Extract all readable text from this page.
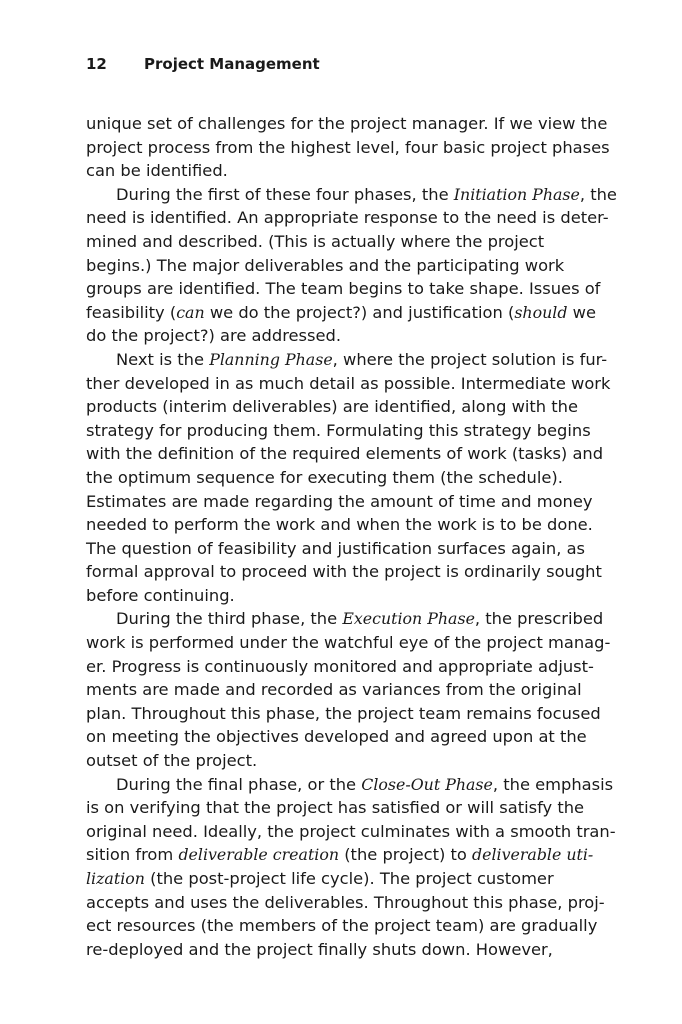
12 Project Management
unique set of challenges for the project manager. If we view the
project process from the highest level, four basic project phases
can be identified.
During the first of these four phases, the Initiation Phase, the
need is identified. An appropriate response to the need is deter-
mined and described. (This is actually where the project
begins.) The major deliverables and the participating work
groups are identified. The team begins to take shape. Issues of
feasibility (can we do the project?) and justification (should we
do the project?) are addressed.
Next is the Planning Phase, where the project solution is fur-
ther developed in as much detail as possible. Intermediate work
products (interim deliverables) are identified, along with the
strategy for producing them. Formulating this strategy begins
with the definition of the required elements of work (tasks) and
the optimum sequence for executing them (the schedule).
Estimates are made regarding the amount of time and money
needed to perform the work and when the work is to be done.
The question of feasibility and justification surfaces again, as
formal approval to proceed with the project is ordinarily sought
before continuing.
During the third phase, the Execution Phase, the prescribed
work is performed under the watchful eye of the project manag-
er. Progress is continuously monitored and appropriate adjust-
ments are made and recorded as variances from the original
plan. Throughout this phase, the project team remains focused
on meeting the objectives developed and agreed upon at the
outset of the project.
During the final phase, or the Close-Out Phase, the emphasis
is on verifying that the project has satisfied or will satisfy the
original need. Ideally, the project culminates with a smooth tran-
sition from deliverable creation (the project) to deliverable uti-
lization (the post-project life cycle). The project customer
accepts and uses the deliverables. Throughout this phase, proj-
ect resources (the members of the project team) are gradually
re-deployed and the project finally shuts down. However,
